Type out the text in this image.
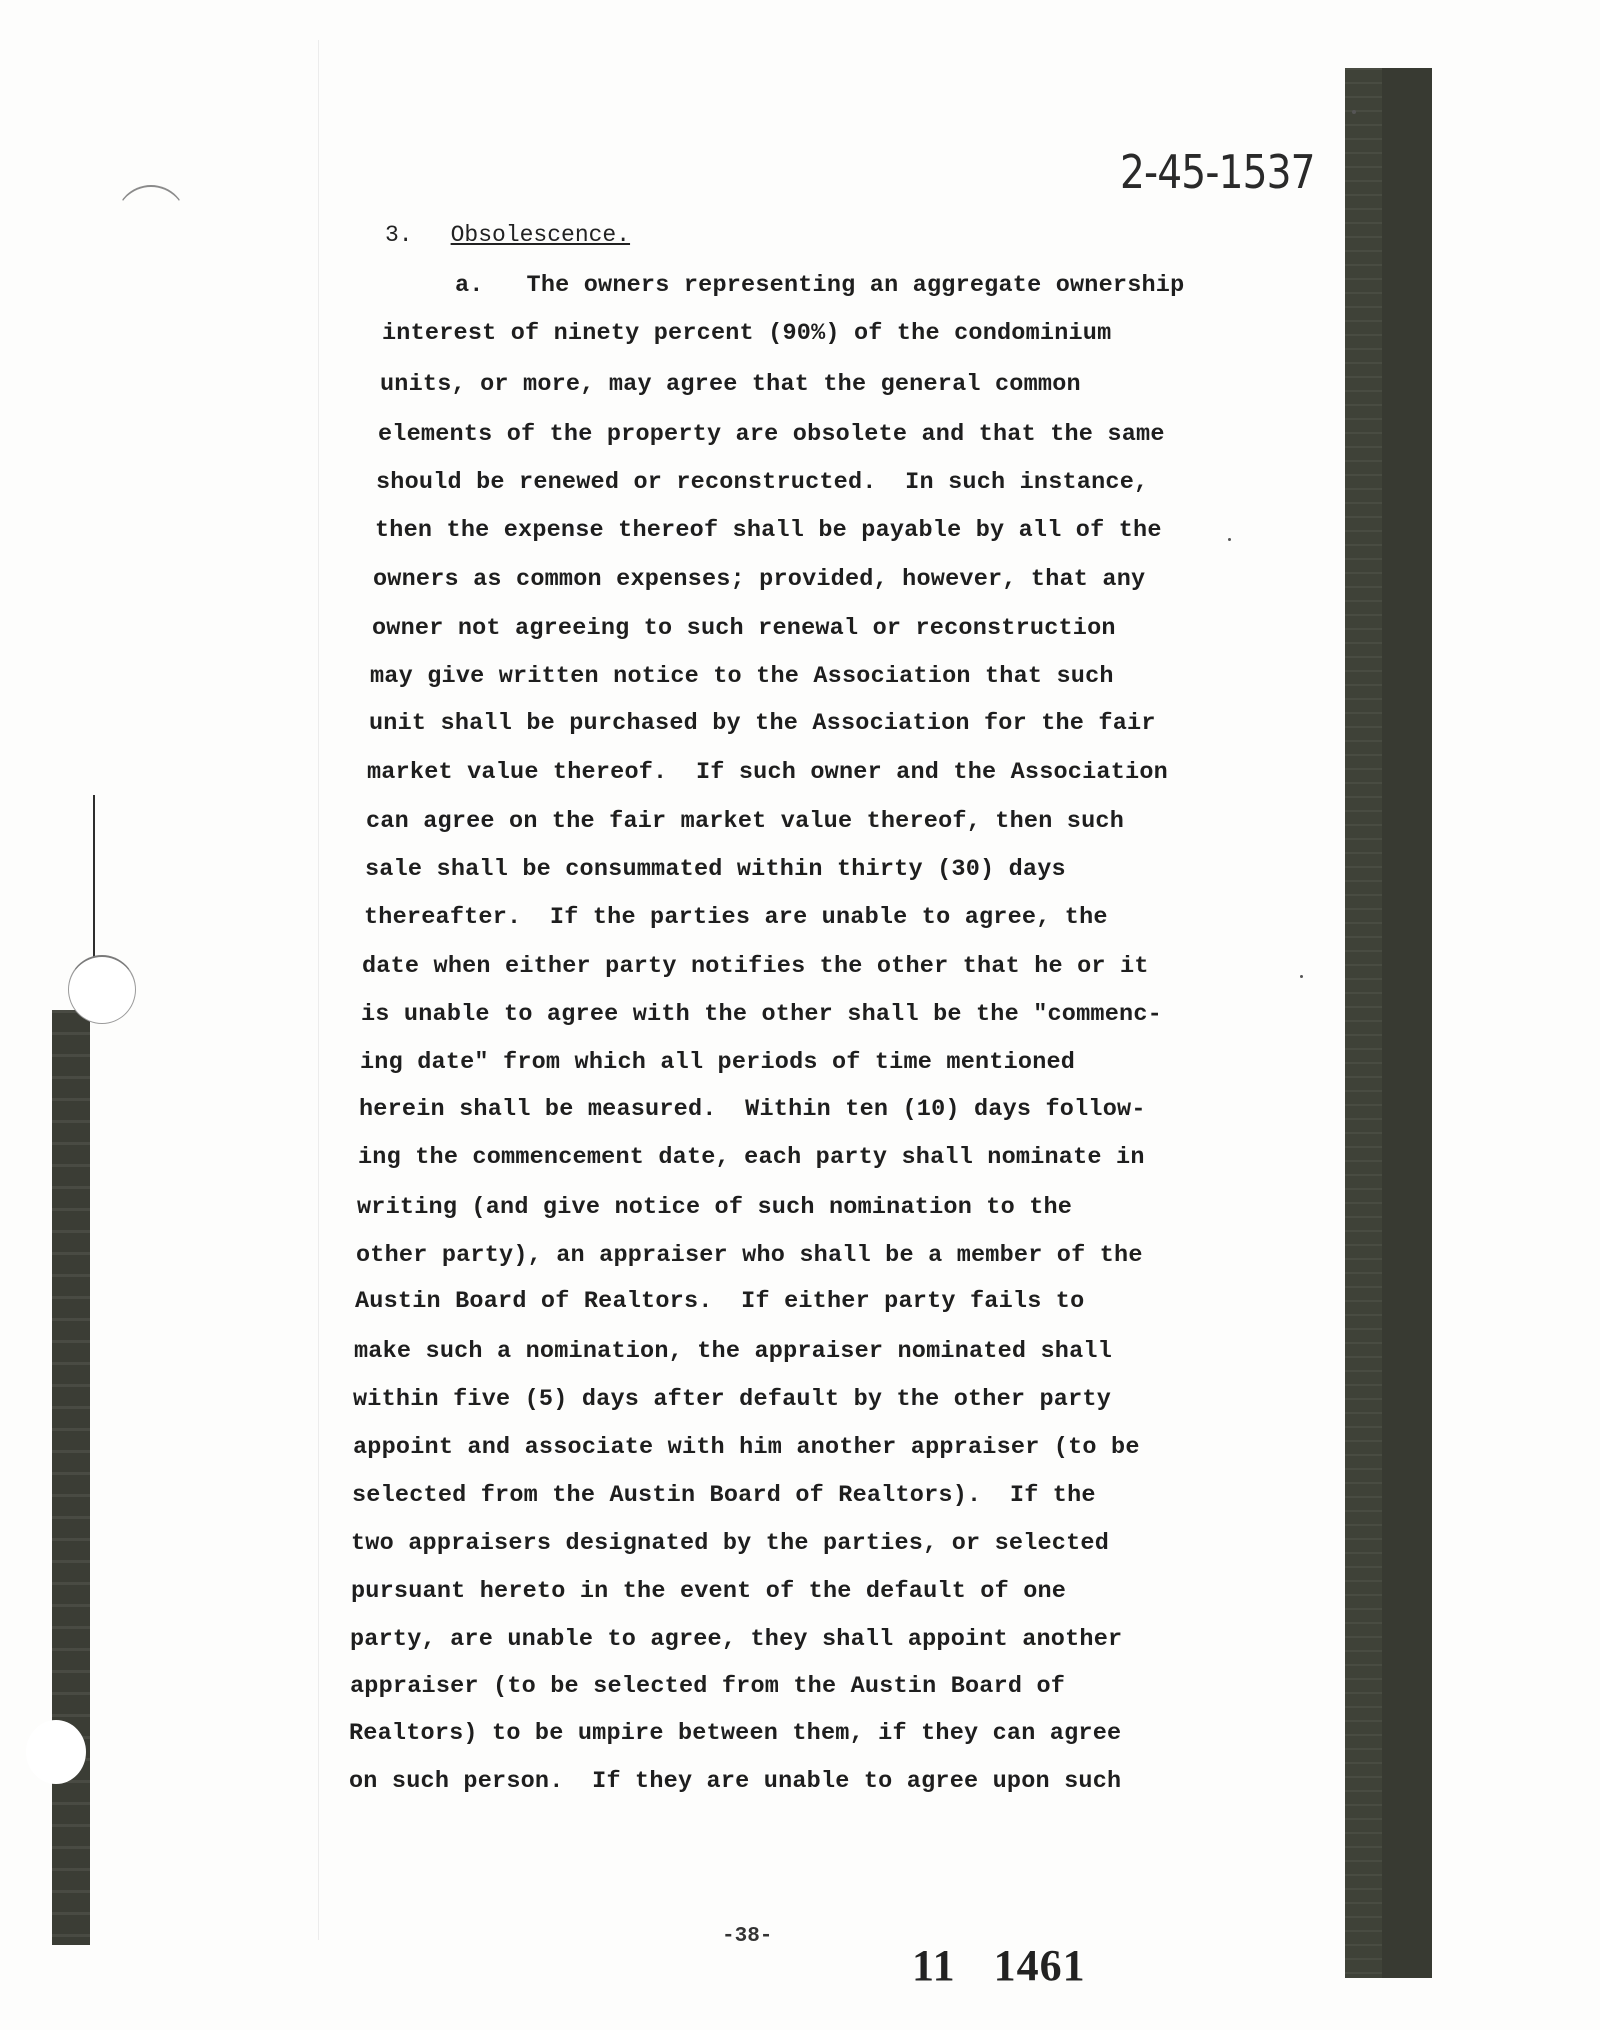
2-45-1537
3. Obsolescence.
a.   The owners representing an aggregate ownership
interest of ninety percent (90%) of the condominium
units, or more, may agree that the general common
elements of the property are obsolete and that the same
should be renewed or reconstructed.  In such instance,
then the expense thereof shall be payable by all of the
owners as common expenses; provided, however, that any
owner not agreeing to such renewal or reconstruction
may give written notice to the Association that such
unit shall be purchased by the Association for the fair
market value thereof.  If such owner and the Association
can agree on the fair market value thereof, then such
sale shall be consummated within thirty (30) days
thereafter.  If the parties are unable to agree, the
date when either party notifies the other that he or it
is unable to agree with the other shall be the "commenc-
ing date" from which all periods of time mentioned
herein shall be measured.  Within ten (10) days follow-
ing the commencement date, each party shall nominate in
writing (and give notice of such nomination to the
other party), an appraiser who shall be a member of the
Austin Board of Realtors.  If either party fails to
make such a nomination, the appraiser nominated shall
within five (5) days after default by the other party
appoint and associate with him another appraiser (to be
selected from the Austin Board of Realtors).  If the
two appraisers designated by the parties, or selected
pursuant hereto in the event of the default of one
party, are unable to agree, they shall appoint another
appraiser (to be selected from the Austin Board of
Realtors) to be umpire between them, if they can agree
on such person.  If they are unable to agree upon such
-38-
11 1461
